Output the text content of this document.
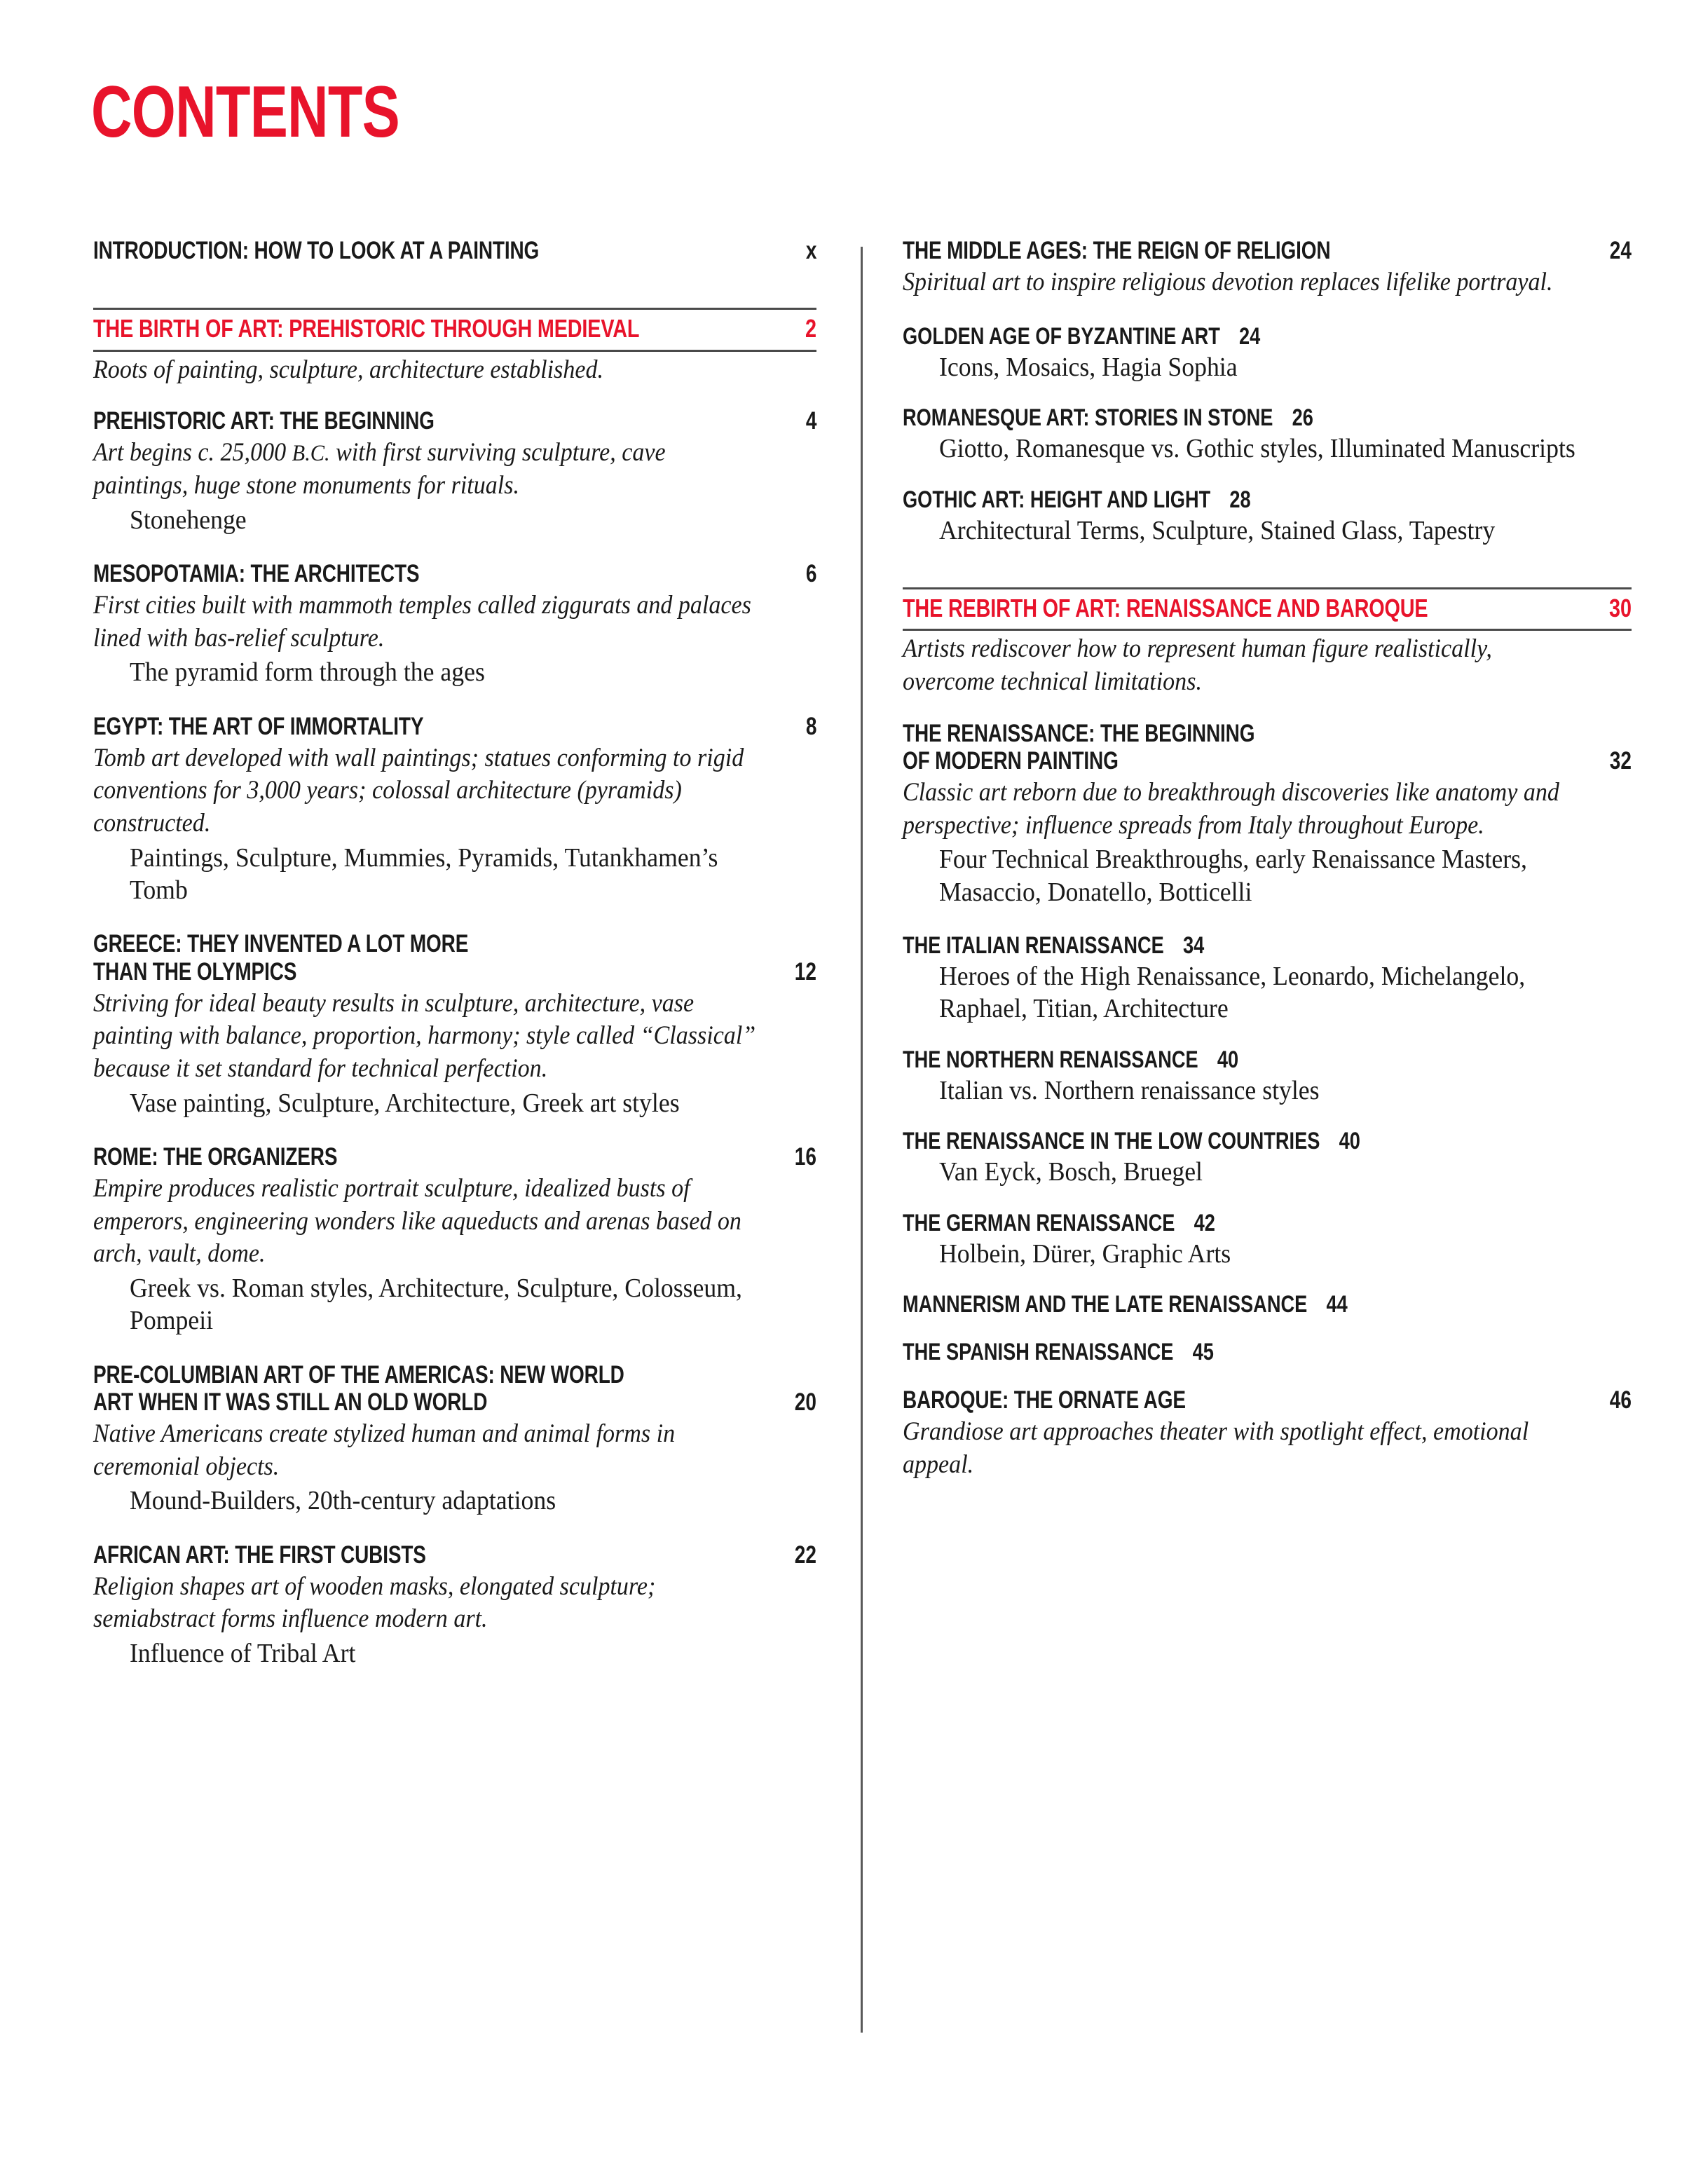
CONTENTS
INTRODUCTION: HOW TO LOOK AT A PAINTING	x
THE BIRTH OF ART: PREHISTORIC THROUGH MEDIEVAL	2
Roots of painting, sculpture, architecture established.
PREHISTORIC ART: THE BEGINNING	4
Art begins c. 25,000 B.C. with first surviving sculpture, cave paintings, huge stone monuments for rituals.
Stonehenge
MESOPOTAMIA: THE ARCHITECTS	6
First cities built with mammoth temples called ziggurats and palaces lined with bas-relief sculpture.
The pyramid form through the ages
EGYPT: THE ART OF IMMORTALITY	8
Tomb art developed with wall paintings; statues conforming to rigid conventions for 3,000 years; colossal architecture (pyramids) constructed.
Paintings, Sculpture, Mummies, Pyramids, Tutankhamen’s Tomb
GREECE: THEY INVENTED A LOT MORE
THAN THE OLYMPICS	12
Striving for ideal beauty results in sculpture, architecture, vase painting with balance, proportion, harmony; style called “Classical” because it set standard for technical perfection.
Vase painting, Sculpture, Architecture, Greek art styles
ROME: THE ORGANIZERS	16
Empire produces realistic portrait sculpture, idealized busts of emperors, engineering wonders like aqueducts and arenas based on arch, vault, dome.
Greek vs. Roman styles, Architecture, Sculpture, Colosseum, Pompeii
PRE-COLUMBIAN ART OF THE AMERICAS: NEW WORLD
ART WHEN IT WAS STILL AN OLD WORLD	20
Native Americans create stylized human and animal forms in ceremonial objects.
Mound-Builders, 20th-century adaptations
AFRICAN ART: THE FIRST CUBISTS	22
Religion shapes art of wooden masks, elongated sculpture; semiabstract forms influence modern art.
Influence of Tribal Art
THE MIDDLE AGES: THE REIGN OF RELIGION	24
Spiritual art to inspire religious devotion replaces lifelike portrayal.
GOLDEN AGE OF BYZANTINE ART 24
Icons, Mosaics, Hagia Sophia
ROMANESQUE ART: STORIES IN STONE 26
Giotto, Romanesque vs. Gothic styles, Illuminated Manuscripts
GOTHIC ART: HEIGHT AND LIGHT 28
Architectural Terms, Sculpture, Stained Glass, Tapestry
THE REBIRTH OF ART: RENAISSANCE AND BAROQUE	30
Artists rediscover how to represent human figure realistically, overcome technical limitations.
THE RENAISSANCE: THE BEGINNING
OF MODERN PAINTING	32
Classic art reborn due to breakthrough discoveries like anatomy and perspective; influence spreads from Italy throughout Europe.
Four Technical Breakthroughs, early Renaissance Masters, Masaccio, Donatello, Botticelli
THE ITALIAN RENAISSANCE 34
Heroes of the High Renaissance, Leonardo, Michelangelo, Raphael, Titian, Architecture
THE NORTHERN RENAISSANCE 40
Italian vs. Northern renaissance styles
THE RENAISSANCE IN THE LOW COUNTRIES 40
Van Eyck, Bosch, Bruegel
THE GERMAN RENAISSANCE 42
Holbein, Dürer, Graphic Arts
MANNERISM AND THE LATE RENAISSANCE 44
THE SPANISH RENAISSANCE 45
BAROQUE: THE ORNATE AGE	46
Grandiose art approaches theater with spotlight effect, emotional appeal.
